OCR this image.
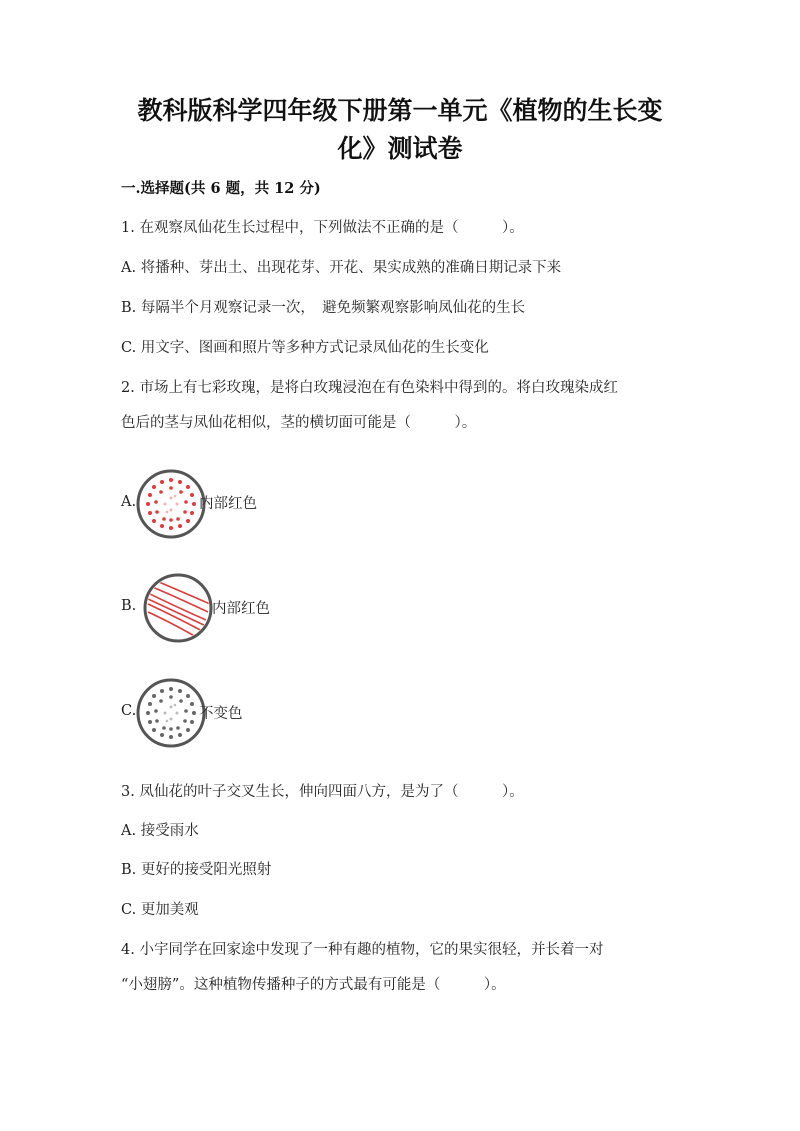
教科版科学四年级下册第一单元《植物的生长变
化》测试卷
一.选择题(共 6 题，共 12 分)
1. 在观察凤仙花生长过程中，下列做法不正确的是（　　　）。
A. 将播种、芽出土、出现花芽、开花、果实成熟的准确日期记录下来
B. 每隔半个月观察记录一次，　避免频繁观察影响凤仙花的生长
C. 用文字、图画和照片等多种方式记录凤仙花的生长变化
2. 市场上有七彩玫瑰，是将白玫瑰浸泡在有色染料中得到的。将白玫瑰染成红
色后的茎与凤仙花相似，茎的横切面可能是（　　　）。
A.	内部红色
B.	内部红色
C.	不变色
3. 凤仙花的叶子交叉生长，伸向四面八方，是为了（　　　）。
A. 接受雨水
B. 更好的接受阳光照射
C. 更加美观
4. 小宇同学在回家途中发现了一种有趣的植物，它的果实很轻，并长着一对
“小翅膀”。这种植物传播种子的方式最有可能是（　　　）。
